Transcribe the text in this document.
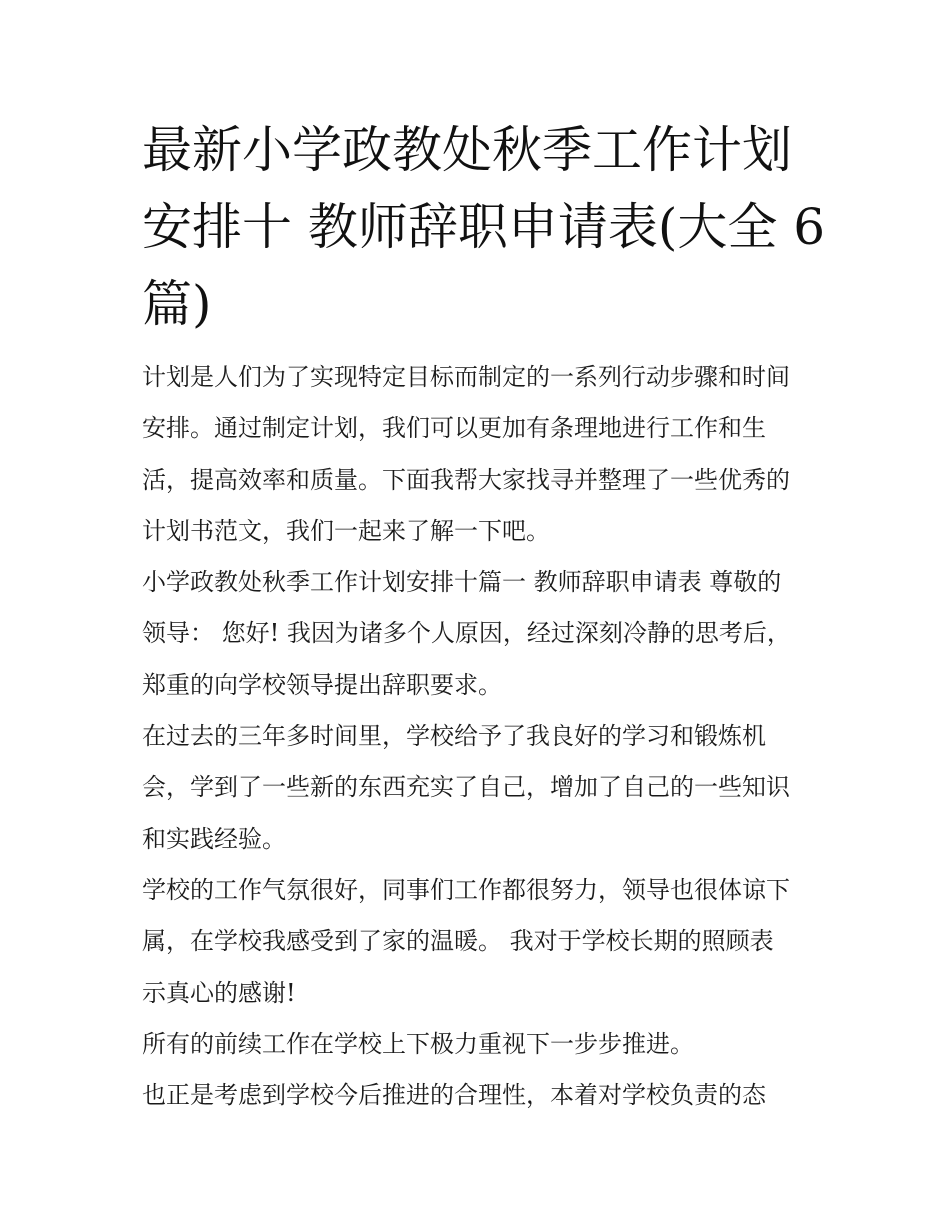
最新小学政教处秋季工作计划
安排十 教师辞职申请表(大全 6
篇)
计划是人们为了实现特定目标而制定的一系列行动步骤和时间
安排。通过制定计划，我们可以更加有条理地进行工作和生
活，提高效率和质量。下面我帮大家找寻并整理了一些优秀的
计划书范文，我们一起来了解一下吧。
小学政教处秋季工作计划安排十篇一 教师辞职申请表 尊敬的
领导： 您好! 我因为诸多个人原因，经过深刻冷静的思考后，
郑重的向学校领导提出辞职要求。
在过去的三年多时间里，学校给予了我良好的学习和锻炼机
会，学到了一些新的东西充实了自己，增加了自己的一些知识
和实践经验。
学校的工作气氛很好，同事们工作都很努力，领导也很体谅下
属，在学校我感受到了家的温暖。 我对于学校长期的照顾表
示真心的感谢!
所有的前续工作在学校上下极力重视下一步步推进。
也正是考虑到学校今后推进的合理性，本着对学校负责的态
